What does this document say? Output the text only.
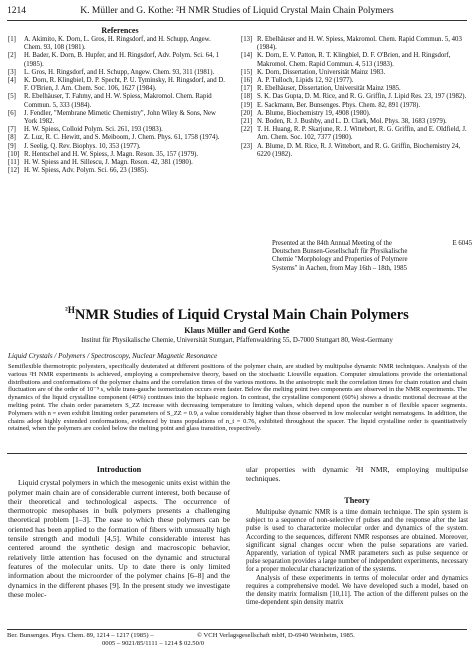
1214	K. Müller and G. Kothe: ²H NMR Studies of Liquid Crystal Main Chain Polymers
References
[1] A. Akimito, K. Dorn, L. Gros, H. Ringsdorf, and H. Schupp, Angew. Chem. 93, 108 (1981).
[2] H. Bader, K. Dorn, B. Hupfer, and H. Ringsdorf, Adv. Polym. Sci. 64, 1 (1985).
[3] L. Gros, H. Ringsdorf, and H. Schupp, Angew. Chem. 93, 311 (1981).
[4] K. Dorn, R. Klingbiel, D. P. Specht, P. U. Tyminsky, H. Ringsdorf, and D. F. O'Brien, J. Am. Chem. Soc. 106, 1627 (1984).
[5] R. Ebelhäuser, T. Fahmy, and H. W. Spiess, Makromol. Chem. Rapid Commun. 5, 333 (1984).
[6] J. Fendler, "Membrane Mimetic Chemistry", John Wiley & Sons, New York 1982.
[7] H. W. Spiess, Colloid Polym. Sci. 261, 193 (1983).
[8] Z. Luz, R. C. Hewitt, and S. Meiboom, J. Chem. Phys. 61, 1758 (1974).
[9] J. Seelig, Q. Rev. Biophys. 10, 353 (1977).
[10] R. Hentschel and H. W. Spiess, J. Magn. Reson. 35, 157 (1979).
[11] H. W. Spiess and H. Sillescu, J. Magn. Reson. 42, 381 (1980).
[12] H. W. Spiess, Adv. Polym. Sci. 66, 23 (1985).
[13] R. Ebelhäuser and H. W. Spiess, Makromol. Chem. Rapid Commun. 5, 403 (1984).
[14] K. Dorn, E. V. Patton, R. T. Klingbiel, D. F. O'Brien, and H. Ringsdorf, Makromol. Chem. Rapid Commun. 4, 513 (1983).
[15] K. Dorn, Dissertation, Universität Mainz 1983.
[16] A. P. Tulloch, Lipids 12, 92 (1977).
[17] R. Ebelhäuser, Dissertation, Universität Mainz 1985.
[18] S. K. Das Gupta, D. M. Rice, and R. G. Griffin, J. Lipid Res. 23, 197 (1982).
[19] E. Sackmann, Ber. Bunsenges. Phys. Chem. 82, 891 (1978).
[20] A. Blume, Biochemistry 19, 4908 (1980).
[21] N. Boden, R. J. Bushby, and L. D. Clark, Mol. Phys. 38, 1683 (1979).
[22] T. H. Huang, R. P. Skarjune, R. J. Wittebort, R. G. Griffin, and E. Oldfield, J. Am. Chem. Soc. 102, 7377 (1980).
[23] A. Blume, D. M. Rice, R. J. Wittebort, and R. G. Griffin, Biochemistry 24, 6220 (1982).
E 6045
Presented at the 84th Annual Meeting of the Deutschen Bunsen-Gesellschaft für Physikalische Chemie "Morphology and Properties of Polymere Systems" in Aachen, from May 16th – 18th, 1985
$^{^2H}$NMR Studies of Liquid Crystal Main Chain Polymers
Klaus Müller and Gerd Kothe
Institut für Physikalische Chemie, Universität Stuttgart, Pfaffenwaldring 55, D-7000 Stuttgart 80, West-Germany
Liquid Crystals / Polymers / Spectroscopy, Nuclear Magnetic Resonance

Semiflexible thermotropic polyesters, specifically deuterated at different positions of the polymer chain, are studied by multipulse dynamic NMR techniques. Analysis of the various ²H NMR experiments is achieved, employing a comprehensive theory, based on the stochastic Liouville equation. Computer simulations provide the orientational distributions and conformations of the polymer chains and the correlation times of the various motions. In the anisotropic melt the correlation times for chain rotation and chain fluctuation are of the order of 10⁻⁹ s, while trans-gauche isomerization occurs even faster. Below the melting point two components are observed in the NMR experiments. The dynamics of the liquid crystalline component (40%) continues into the biphasic region. In contrast, the crystalline component (60%) shows a drastic motional decrease at the melting point. The chain order parameters S_ZZ increase with decreasing temperature to limiting values, which depend upon the number n of flexible spacer segments. Polymers with n = even exhibit limiting order parameters of S_ZZ = 0.9, a value considerably higher than those observed in low molecular weight nematogens. In addition, the chains adopt highly extended conformations, evidenced by trans populations of n_t = 0.76, exhibited throughout the spacer. The liquid crystalline order is quantitatively retained, when the polymers are cooled below the melting point and glass transition, respectively.

Introduction

Liquid crystal polymers in which the mesogenic units exist within the polymer main chain are of considerable current interest, both because of their theoretical and technological aspects. The occurrence of thermotropic mesophases in bulk polymers presents a challenging theoretical problem [1–3]. The ease to which these polymers can be oriented has been applied to the formation of fibers with unusually high tensile strength and moduli [4,5]. While considerable interest has centered around the synthetic design and macroscopic behavior, relatively little attention has focused on the dynamic and structural features of the molecular units. Up to date there is only limited information about the microorder of the polymer chains [6–8] and the dynamics in the different phases [9]. In the present study we investigate these molec-

ular properties with dynamic ²H NMR, employing multipulse techniques.

Theory

Multipulse dynamic NMR is a time domain technique. The spin system is subject to a sequence of non-selective rf pulses and the response after the last pulse is used to characterize molecular order and dynamics of the system. According to the sequences, different NMR responses are obtained. Moreover, significant signal changes occur when the pulse separations are varied. Apparently, variation of typical NMR parameters such as pulse sequence or pulse separation provides a large number of independent experiments, necessary for a proper molecular characterization of the systems.

Analysis of these experiments in terms of molecular order and dynamics requires a comprehensive model. We have developed such a model, based on the density matrix formalism [10,11]. The action of the different pulses on the time-dependent spin density matrix

Ber. Bunsenges. Phys. Chem. 89, 1214 – 1217 (1985) –	© VCH Verlagsgesellschaft mbH, D-6940 Weinheim, 1985.
0005 – 9021/85/1111 – 1214 $ 02.50/0
